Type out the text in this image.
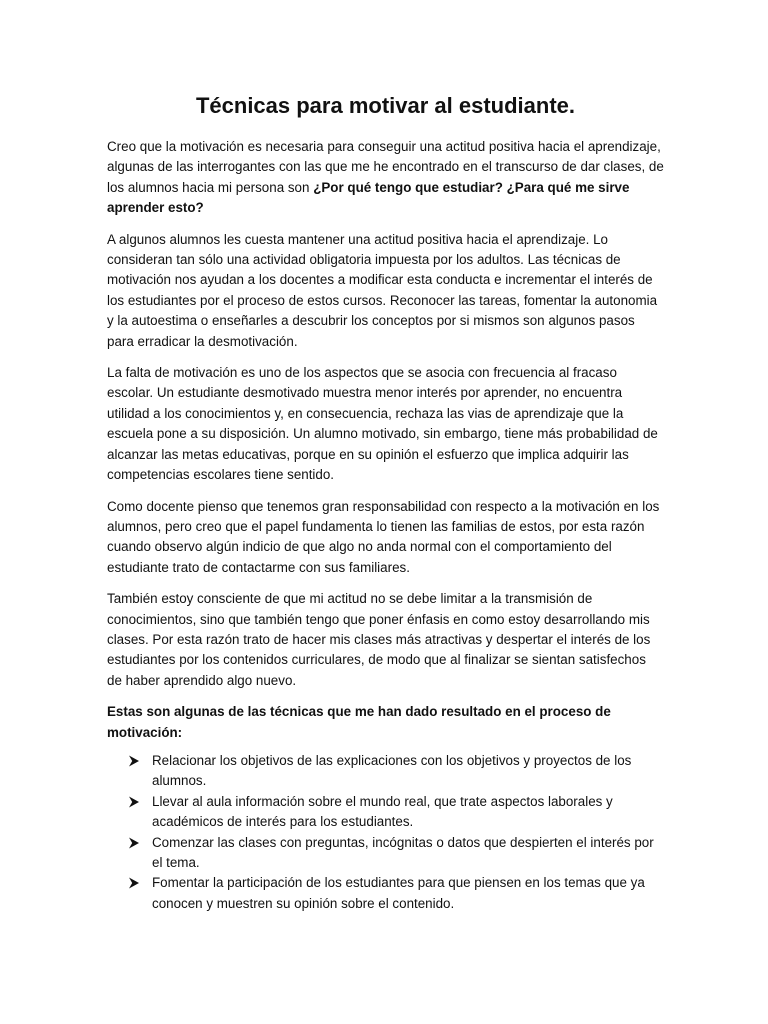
Técnicas para motivar al estudiante.

Creo que la motivación es necesaria para conseguir una actitud positiva hacia el aprendizaje, algunas de las interrogantes con las que me he encontrado en el transcurso de dar clases, de los alumnos hacia mi persona son ¿Por qué tengo que estudiar? ¿Para qué me sirve aprender esto?

A algunos alumnos les cuesta mantener una actitud positiva hacia el aprendizaje. Lo consideran tan sólo una actividad obligatoria impuesta por los adultos. Las técnicas de motivación nos ayudan a los docentes a modificar esta conducta e incrementar el interés de los estudiantes por el proceso de estos cursos. Reconocer las tareas, fomentar la autonomia y la autoestima o enseñarles a descubrir los conceptos por si mismos son algunos pasos para erradicar la desmotivación.

La falta de motivación es uno de los aspectos que se asocia con frecuencia al fracaso escolar. Un estudiante desmotivado muestra menor interés por aprender, no encuentra utilidad a los conocimientos y, en consecuencia, rechaza las vias de aprendizaje que la escuela pone a su disposición. Un alumno motivado, sin embargo, tiene más probabilidad de alcanzar las metas educativas, porque en su opinión el esfuerzo que implica adquirir las competencias escolares tiene sentido.

Como docente pienso que tenemos gran responsabilidad con respecto a la motivación en los alumnos, pero creo que el papel fundamenta lo tienen las familias de estos, por esta razón cuando observo algún indicio de que algo no anda normal con el comportamiento del estudiante trato de contactarme con sus familiares.

También estoy consciente de que mi actitud no se debe limitar a la transmisión de conocimientos, sino que también tengo que poner énfasis en como estoy desarrollando mis clases. Por esta razón trato de hacer mis clases más atractivas y despertar el interés de los estudiantes por los contenidos curriculares, de modo que al finalizar se sientan satisfechos de haber aprendido algo nuevo.

Estas son algunas de las técnicas que me han dado resultado en el proceso de motivación:

Relacionar los objetivos de las explicaciones con los objetivos y proyectos de los alumnos.
Llevar al aula información sobre el mundo real, que trate aspectos laborales y académicos de interés para los estudiantes.
Comenzar las clases con preguntas, incógnitas o datos que despierten el interés por el tema.
Fomentar la participación de los estudiantes para que piensen en los temas que ya conocen y muestren su opinión sobre el contenido.
